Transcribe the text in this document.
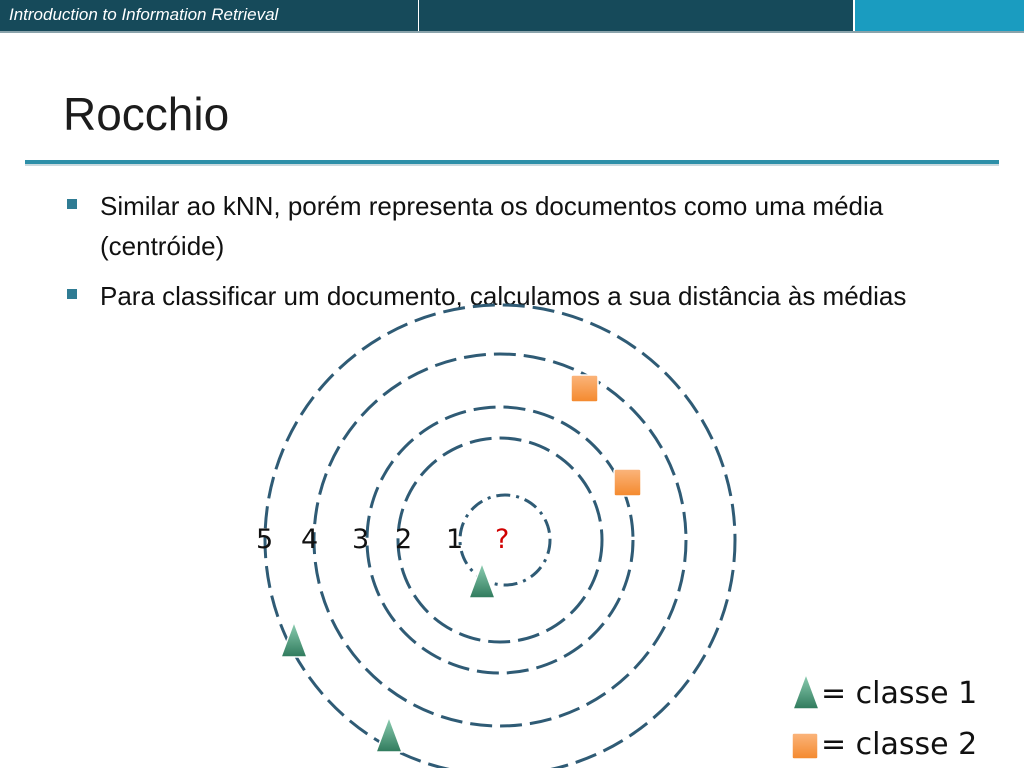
Introduction to Information Retrieval
Rocchio
Similar ao kNN, porém representa os documentos como uma média (centróide)
Para classificar um documento, calculamos a sua distância às médias
5 4 3 2 1 ?
= classe 1
= classe 2
